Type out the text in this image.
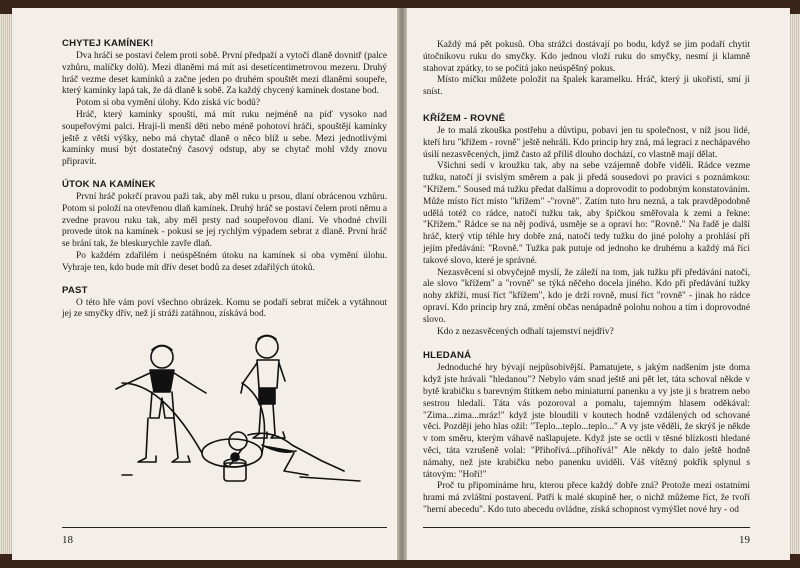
CHYTEJ KAMÍNEK!

Dva hráči se postaví čelem proti sobě. První předpaží a vytočí dlaně dovnitř (palce vzhůru, malíčky dolů). Mezi dlaněmi má mít asi desetícentimetrovou mezeru. Druhý hráč vezme deset kamínků a začne jeden po druhém spouštět mezi dlaněmi soupeře, který kamínky lapá tak, že dá dlaně k sobě. Za každý chycený kamínek dostane bod.

Potom si oba vymění úlohy. Kdo získá víc bodů?

Hráč, který kamínky spouští, má mít ruku nejméně na píď vysoko nad soupeřovými palci. Hrají-li menší děti nebo méně pohotoví hráči, spouštějí kamínky ještě z větší výšky, nebo má chytač dlaně o něco blíž u sebe. Mezi jednotlivými kamínky musí být dostatečný časový odstup, aby se chytač mohl vždy znovu připravit.

ÚTOK NA KAMÍNEK

První hráč pokrčí pravou paži tak, aby měl ruku u prsou, dlaní obrácenou vzhůru. Potom si položí na otevřenou dlaň kamínek. Druhý hráč se postaví čelem proti němu a zvedne pravou ruku tak, aby měl prsty nad soupeřovou dlaní. Ve vhodné chvíli provede útok na kamínek - pokusí se jej rychlým výpadem sebrat z dlaně. První hráč se brání tak, že bleskurychle zavře dlaň.

Po každém zdařilém i neúspěšném útoku na kamínek si oba vymění úlohu. Vyhraje ten, kdo bude mít dřív deset bodů za deset zdařilých útoků.

PAST

O této hře vám poví všechno obrázek. Komu se podaří sebrat míček a vytáhnout jej ze smyčky dřív, než jí stráži zatáhnou, získává bod.

18

Každý má pět pokusů. Oba strážci dostávají po bodu, když se jim podaří chytit útočníkovu ruku do smyčky. Kdo jednou vloží ruku do smyčky, nesmí ji klamně stahovat zpátky, to se počítá jako neúspěšný pokus.

Místo míčku můžete položit na špalek karamelku. Hráč, který ji ukořistí, smí ji sníst.

KŘÍŽEM - ROVNĚ

Je to malá zkouška postřehu a důvtipu, pobaví jen tu společnost, v níž jsou lidé, kteří hru "křížem - rovně" ještě nehráli. Kdo princip hry zná, má legraci z nechápavého úsilí nezasvěcených, jimž často až příliš dlouho dochází, co vlastně mají dělat.

Všichni sedí v kroužku tak, aby na sebe vzájemně dobře viděli. Rádce vezme tužku, natočí ji svislým směrem a pak ji předá sousedovi po pravici s poznámkou: "Křížem." Soused má tužku předat dalšímu a doprovodit to podobným konstatováním. Může místo říct místo "křížem" -"rovně". Zatím tuto hru nezná, a tak pravděpodobně udělá totéž co rádce, natočí tužku tak, aby špičkou směřovala k zemi a řekne: "Křížem." Rádce se na něj podívá, usměje se a opraví ho: "Rovně." Na řadě je další hráč, který vtip téhle hry dobře zná, natočí tedy tužku do jiné polohy a prohlásí při jejím předávání: "Rovně." Tužka pak putuje od jednoho ke druhému a každý má říci takové slovo, které je správné.

Nezasvěcení si obvyčejně myslí, že záleží na tom, jak tužku při předávání natočí, ale slovo "křížem" a "rovně" se týká něčeho docela jiného. Kdo při předávání tužky nohy zkříží, musí říct "křížem", kdo je drží rovně, musí říct "rovně" - jinak ho rádce opraví. Kdo princip hry zná, změní občas nenápadně polohu nohou a tím i doprovodné slovo.

Kdo z nezasvěcených odhalí tajemství nejdřív?

HLEDANÁ

Jednoduché hry bývají nejpůsobivější. Pamatujete, s jakým nadšením jste doma když jste hrávali "hledanou"? Nebylo vám snad ještě ani pět let, táta schoval někde v bytě krabičku s barevným štítkem nebo miniaturní panenku a vy jste ji s bratrem nebo sestrou hledali. Táta vás pozoroval a pomalu, tajemným hlasem oděkával: "Zima...zima...mráz!" když jste bloudili v koutech hodně vzdálených od schované věci. Později jeho hlas ožil: "Teplo...teplo...teplo..." A vy jste věděli, že skrýš je někde v tom směru, kterým váhavě našlapujete. Když jste se octli v těsné blízkosti hledané věci, táta vzrušeně volal: "Přihořívá...přihořívá!" Ale někdy to dalo ještě hodně námahy, než jste krabičku nebo panenku uviděli. Váš vítězný pokřik splynul s tátovým: "Hoří!"

Proč tu připomínáme hru, kterou přece každý dobře zná? Protože mezi ostatními hrami má zvláštní postavení. Patří k malé skupině her, o nichž můžeme říct, že tvoří "herní abecedu". Kdo tuto abecedu ovládne, získá schopnost vymýšlet nové hry - od

19
